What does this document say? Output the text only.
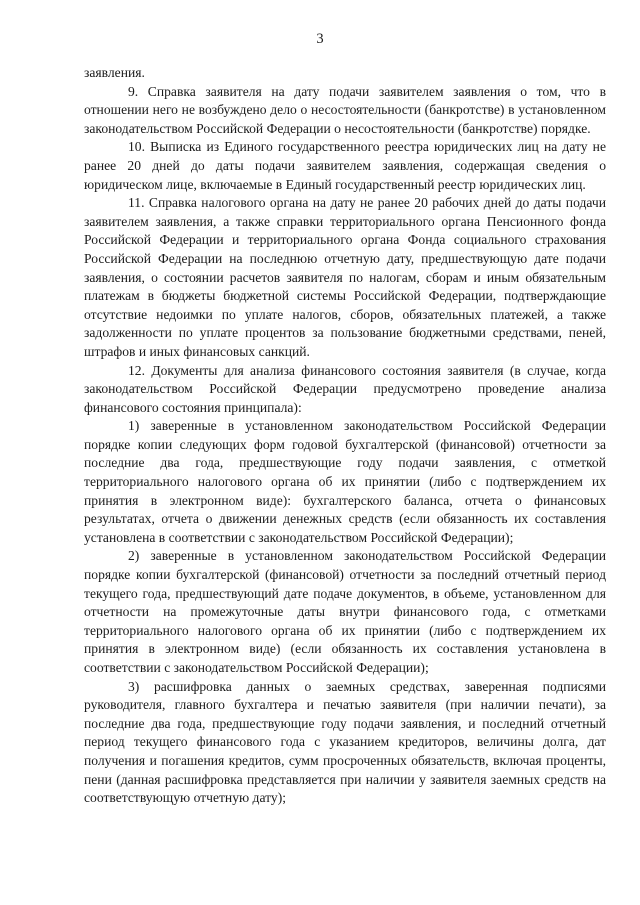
3

заявления.

9. Справка заявителя на дату подачи заявителем заявления о том, что в отношении него не возбуждено дело о несостоятельности (банкротстве) в установленном законодательством Российской Федерации о несостоятельности (банкротстве) порядке.

10. Выписка из Единого государственного реестра юридических лиц на дату не ранее 20 дней до даты подачи заявителем заявления, содержащая сведения о юридическом лице, включаемые в Единый государственный реестр юридических лиц.

11. Справка налогового органа на дату не ранее 20 рабочих дней до даты подачи заявителем заявления, а также справки территориального органа Пенсионного фонда Российской Федерации и территориального органа Фонда социального страхования Российской Федерации на последнюю отчетную дату, предшествующую дате подачи заявления, о состоянии расчетов заявителя по налогам, сборам и иным обязательным платежам в бюджеты бюджетной системы Российской Федерации, подтверждающие отсутствие недоимки по уплате налогов, сборов, обязательных платежей, а также задолженности по уплате процентов за пользование бюджетными средствами, пеней, штрафов и иных финансовых санкций.

12. Документы для анализа финансового состояния заявителя (в случае, когда законодательством Российской Федерации предусмотрено проведение анализа финансового состояния принципала):

1) заверенные в установленном законодательством Российской Федерации порядке копии следующих форм годовой бухгалтерской (финансовой) отчетности за последние два года, предшествующие году подачи заявления, с отметкой территориального налогового органа об их принятии (либо с подтверждением их принятия в электронном виде): бухгалтерского баланса, отчета о финансовых результатах, отчета о движении денежных средств (если обязанность их составления установлена в соответствии с законодательством Российской Федерации);

2) заверенные в установленном законодательством Российской Федерации порядке копии бухгалтерской (финансовой) отчетности за последний отчетный период текущего года, предшествующий дате подаче документов, в объеме, установленном для отчетности на промежуточные даты внутри финансового года, с отметками территориального налогового органа об их принятии (либо с подтверждением их принятия в электронном виде) (если обязанность их составления установлена в соответствии с законодательством Российской Федерации);

3) расшифровка данных о заемных средствах, заверенная подписями руководителя, главного бухгалтера и печатью заявителя (при наличии печати), за последние два года, предшествующие году подачи заявления, и последний отчетный период текущего финансового года с указанием кредиторов, величины долга, дат получения и погашения кредитов, сумм просроченных обязательств, включая проценты, пени (данная расшифровка представляется при наличии у заявителя заемных средств на соответствующую отчетную дату);
